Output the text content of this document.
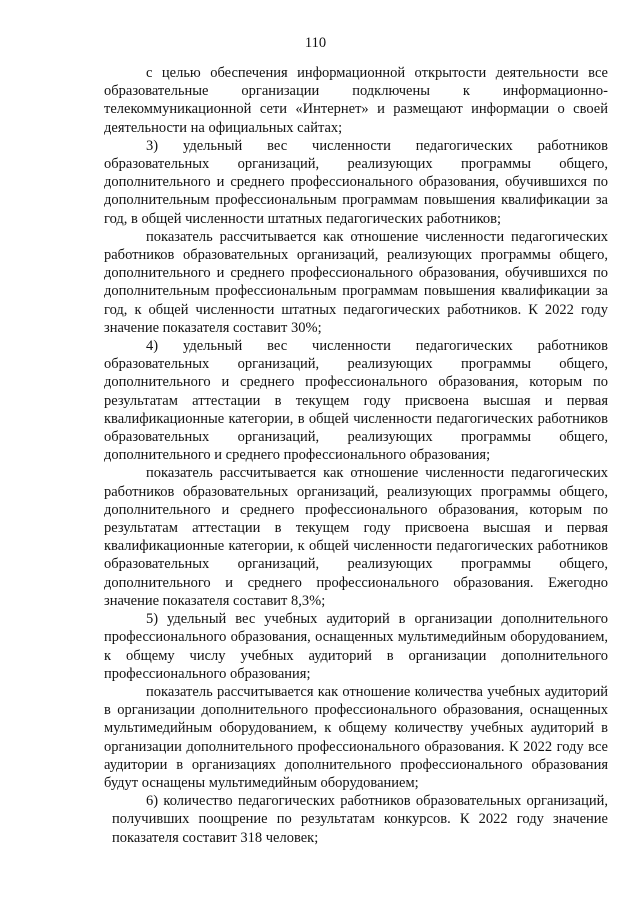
110

с целью обеспечения информационной открытости деятельности все образовательные организации подключены к информационно-телекоммуникационной сети «Интернет» и размещают информации о своей деятельности на официальных сайтах;

3) удельный вес численности педагогических работников образовательных организаций, реализующих программы общего, дополнительного и среднего профессионального образования, обучившихся по дополнительным профессиональным программам повышения квалификации за год, в общей численности штатных педагогических работников;

показатель рассчитывается как отношение численности педагогических работников образовательных организаций, реализующих программы общего, дополнительного и среднего профессионального образования, обучившихся по дополнительным профессиональным программам повышения квалификации за год, к общей численности штатных педагогических работников. К 2022 году значение показателя составит 30%;

4) удельный вес численности педагогических работников образовательных организаций, реализующих программы общего, дополнительного и среднего профессионального образования, которым по результатам аттестации в текущем году присвоена высшая и первая квалификационные категории, в общей численности педагогических работников образовательных организаций, реализующих программы общего, дополнительного и среднего профессионального образования;

показатель рассчитывается как отношение численности педагогических работников образовательных организаций, реализующих программы общего, дополнительного и среднего профессионального образования, которым по результатам аттестации в текущем году присвоена высшая и первая квалификационные категории, к общей численности педагогических работников образовательных организаций, реализующих программы общего, дополнительного и среднего профессионального образования. Ежегодно значение показателя составит 8,3%;

5) удельный вес учебных аудиторий в организации дополнительного профессионального образования, оснащенных мультимедийным оборудованием, к общему числу учебных аудиторий в организации дополнительного профессионального образования;

показатель рассчитывается как отношение количества учебных аудиторий в организации дополнительного профессионального образования, оснащенных мультимедийным оборудованием, к общему количеству учебных аудиторий в организации дополнительного профессионального образования. К 2022 году все аудитории в организациях дополнительного профессионального образования будут оснащены мультимедийным оборудованием;

6) количество педагогических работников образовательных организаций, получивших поощрение по результатам конкурсов. К 2022 году значение показателя составит 318 человек;
